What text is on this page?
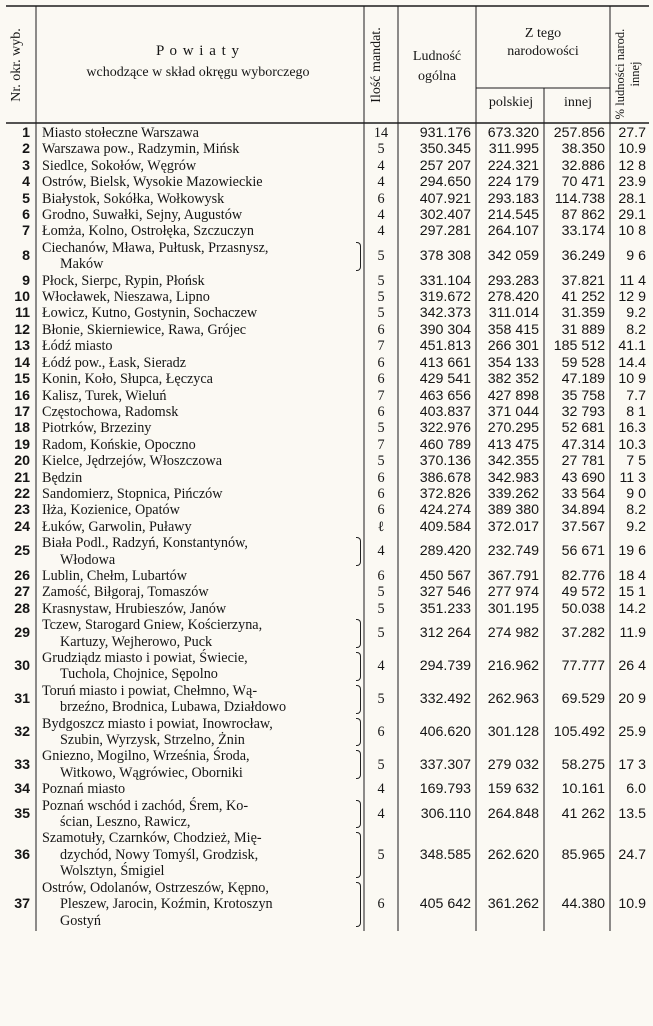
Nr. okr. wyb.	P o w i a t y
wchodzące w skład okręgu wyborczego	Ilość mandat.	Ludność
ogólna
Z tego
narodowości
polskiej	innej	% ludności narod. innej
1	Miasto stołeczne Warszawa	14	931.176	673.320	257.856	27.7
2	Warszawa pow., Radzymin, Mińsk	5	350.345	311.995	38.350	10.9
3	Siedlce, Sokołów, Węgrów	4	257 207	224.321	32.886	12 8
4	Ostrów, Bielsk, Wysokie Mazowieckie	4	294.650	224 179	70 471	23.9
5	Białystok, Sokółka, Wołkowysk	6	407.921	293.183	114.738	28.1
6	Grodno, Suwałki, Sejny, Augustów	4	302.407	214.545	87 862	29.1
7	Łomża, Kolno, Ostrołęka, Szczuczyn	4	297.281	264.107	33.174	10 8
8	Ciechanów, Mława, Pułtusk, Przasnysz,
Maków	5	378 308	342 059	36.249	9 6
9	Płock, Sierpc, Rypin, Płońsk	5	331.104	293.283	37.821	11 4
10	Włocławek, Nieszawa, Lipno	5	319.672	278.420	41 252	12 9
11	Łowicz, Kutno, Gostynin, Sochaczew	5	342.373	311.014	31.359	9.2
12	Błonie, Skierniewice, Rawa, Grójec	6	390 304	358 415	31 889	8.2
13	Łódź miasto	7	451.813	266 301	185 512	41.1
14	Łódź pow., Łask, Sieradz	6	413 661	354 133	59 528	14.4
15	Konin, Koło, Słupca, Łęczyca	6	429 541	382 352	47.189	10 9
16	Kalisz, Turek, Wieluń	7	463 656	427 898	35 758	7.7
17	Częstochowa, Radomsk	6	403.837	371 044	32 793	8 1
18	Piotrków, Brzeziny	5	322.976	270.295	52 681	16.3
19	Radom, Końskie, Opoczno	7	460 789	413 475	47.314	10.3
20	Kielce, Jędrzejów, Włoszczowa	5	370.136	342.355	27 781	7 5
21	Będzin	6	386.678	342.983	43 690	11 3
22	Sandomierz, Stopnica, Pińczów	6	372.826	339.262	33 564	9 0
23	Iłża, Kozienice, Opatów	6	424.274	389 380	34.894	8.2
24	Łuków, Garwolin, Puławy	ℓ	409.584	372.017	37.567	9.2
25	Biała Podl., Radzyń, Konstantynów,
Włodowa	4	289.420	232.749	56 671	19 6
26	Lublin, Chełm, Lubartów	6	450 567	367.791	82.776	18 4
27	Zamość, Biłgoraj, Tomaszów	5	327 546	277 974	49 572	15 1
28	Krasnystaw, Hrubieszów, Janów	5	351.233	301.195	50.038	14.2
29	Tczew, Starogard Gniew, Kościerzyna,
Kartuzy, Wejherowo, Puck	5	312 264	274 982	37.282	11.9
30	Grudziądz miasto i powiat, Świecie,
Tuchola, Chojnice, Sępolno	4	294.739	216.962	77.777	26 4
31	Toruń miasto i powiat, Chełmno, Wą-
brzeźno, Brodnica, Lubawa, Działdowo	5	332.492	262.963	69.529	20 9
32	Bydgoszcz miasto i powiat, Inowrocław,
Szubin, Wyrzysk, Strzelno, Żnin	6	406.620	301.128	105.492	25.9
33	Gniezno, Mogilno, Września, Środa,
Witkowo, Wągrówiec, Oborniki	5	337.307	279 032	58.275	17 3
34	Poznań miasto	4	169.793	159 632	10.161	6.0
35	Poznań wschód i zachód, Śrem, Ko-
ścian, Leszno, Rawicz,	4	306.110	264.848	41 262	13.5
36	Szamotuły, Czarnków, Chodzież, Mię-
dzychód, Nowy Tomyśl, Grodzisk,
Wolsztyn, Śmigiel	5	348.585	262.620	85.965	24.7
37	Ostrów, Odolanów, Ostrzeszów, Kępno,
Pleszew, Jarocin, Koźmin, Krotoszyn
Gostyń	6	405 642	361.262	44.380	10.9
